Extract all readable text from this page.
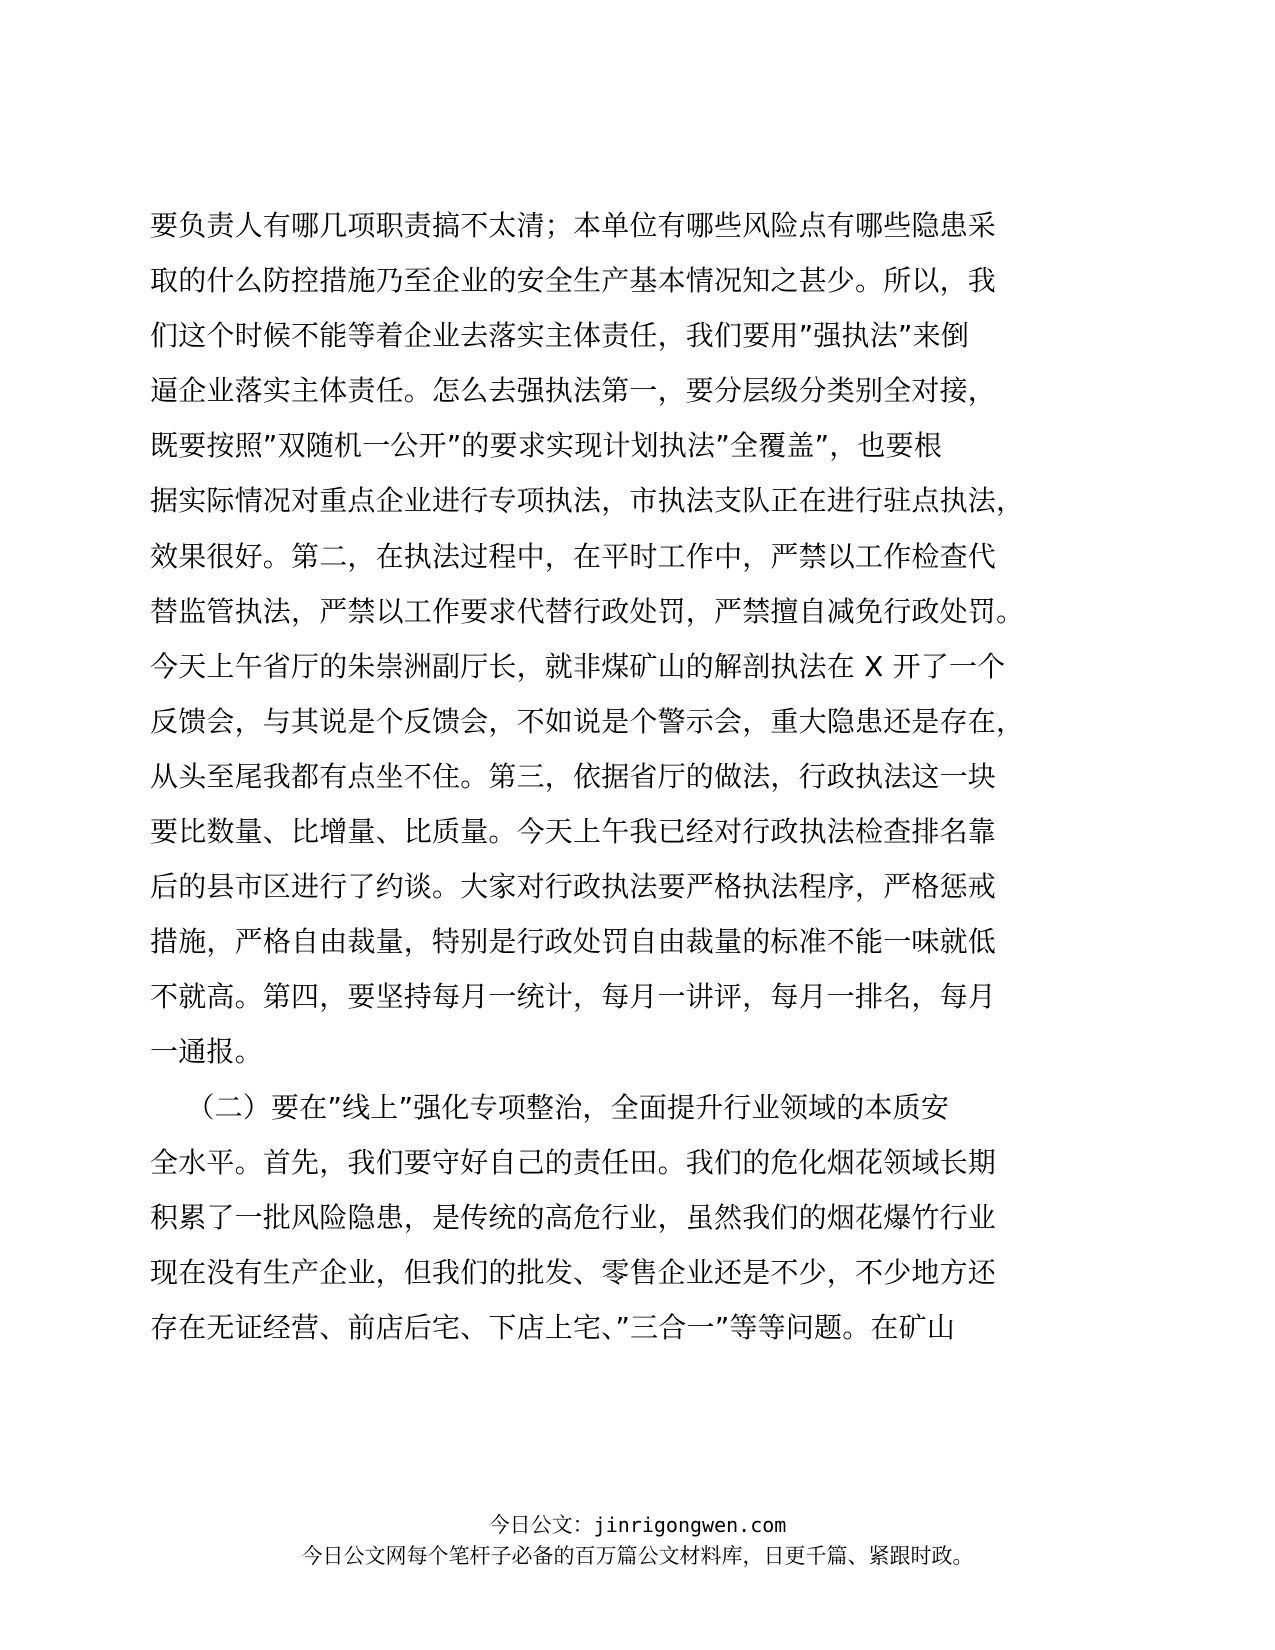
要负责人有哪几项职责搞不太清；本单位有哪些风险点有哪些隐患采
取的什么防控措施乃至企业的安全生产基本情况知之甚少。所以，我
们这个时候不能等着企业去落实主体责任，我们要用”强执法”来倒
逼企业落实主体责任。怎么去强执法第一，要分层级分类别全对接，
既要按照”双随机一公开”的要求实现计划执法”全覆盖”，也要根
据实际情况对重点企业进行专项执法，市执法支队正在进行驻点执法，
效果很好。第二，在执法过程中，在平时工作中，严禁以工作检查代
替监管执法，严禁以工作要求代替行政处罚，严禁擅自减免行政处罚。
今天上午省厅的朱崇洲副厅长，就非煤矿山的解剖执法在 X 开了一个
反馈会，与其说是个反馈会，不如说是个警示会，重大隐患还是存在，
从头至尾我都有点坐不住。第三，依据省厅的做法，行政执法这一块
要比数量、比增量、比质量。今天上午我已经对行政执法检查排名靠
后的县市区进行了约谈。大家对行政执法要严格执法程序，严格惩戒
措施，严格自由裁量，特别是行政处罚自由裁量的标准不能一味就低
不就高。第四，要坚持每月一统计，每月一讲评，每月一排名，每月
一通报。
（二）要在”线上”强化专项整治，全面提升行业领域的本质安
全水平。首先，我们要守好自己的责任田。我们的危化烟花领域长期
积累了一批风险隐患，是传统的高危行业，虽然我们的烟花爆竹行业
现在没有生产企业，但我们的批发、零售企业还是不少，不少地方还
存在无证经营、前店后宅、下店上宅、”三合一”等等问题。在矿山
今日公文：jinrigongwen.com
今日公文网每个笔杆子必备的百万篇公文材料库，日更千篇、紧跟时政。
